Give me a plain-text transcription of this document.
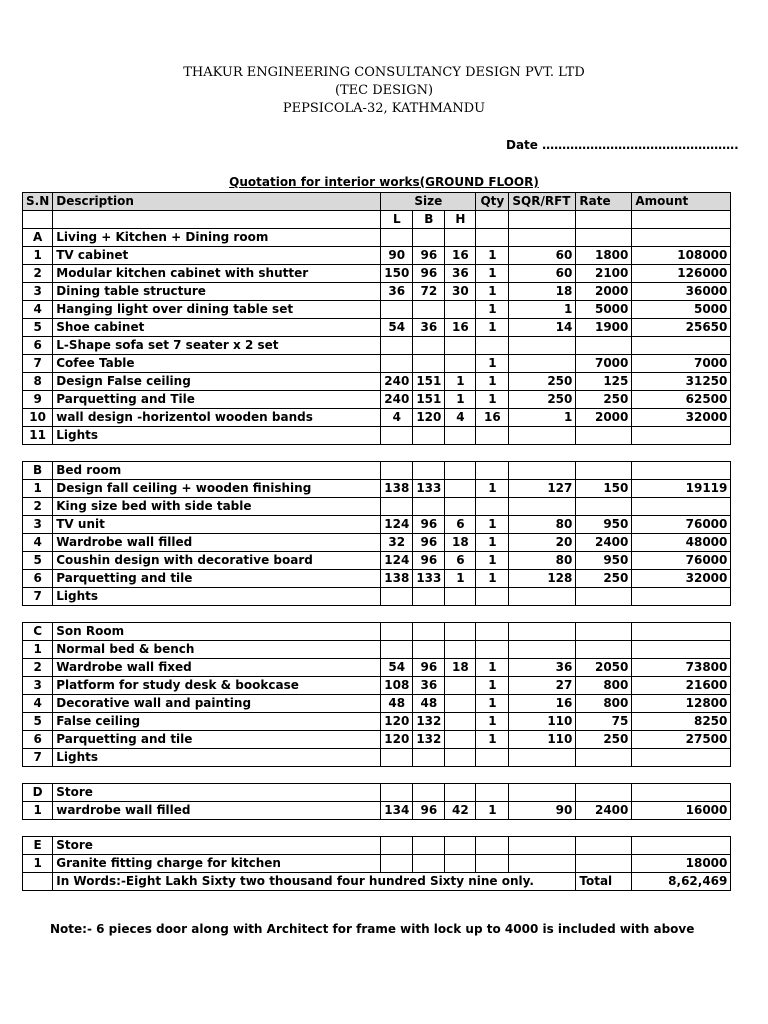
THAKUR ENGINEERING CONSULTANCY DESIGN PVT. LTD
(TEC DESIGN)
PEPSICOLA-32, KATHMANDU
Date ………………………………………….
Quotation for interior works(GROUND FLOOR)
S.N	Description	Size			Qty	SQR/RFT	Rate	Amount
		L	B	H				
A	Living + Kitchen + Dining room							
1	TV cabinet	90	96	16	1	60	1800	108000
2	Modular kitchen cabinet with shutter	150	96	36	1	60	2100	126000
3	Dining table structure	36	72	30	1	18	2000	36000
4	Hanging light over dining table set				1	1	5000	5000
5	Shoe cabinet	54	36	16	1	14	1900	25650
6	L-Shape sofa set 7 seater x 2 set							
7	Cofee Table				1		7000	7000
8	Design False ceiling	240	151	1	1	250	125	31250
9	Parquetting and Tile	240	151	1	1	250	250	62500
10	wall design -horizentol wooden bands	4	120	4	16	1	2000	32000
11	Lights							

B	Bed room							
1	Design fall ceiling + wooden finishing	138	133		1	127	150	19119
2	King size bed with side table							
3	TV unit	124	96	6	1	80	950	76000
4	Wardrobe wall filled	32	96	18	1	20	2400	48000
5	Coushin design with decorative board	124	96	6	1	80	950	76000
6	Parquetting and tile	138	133	1	1	128	250	32000
7	Lights							

C	Son Room							
1	Normal bed & bench							
2	Wardrobe wall fixed	54	96	18	1	36	2050	73800
3	Platform for study desk & bookcase	108	36		1	27	800	21600
4	Decorative wall and painting	48	48		1	16	800	12800
5	False ceiling	120	132		1	110	75	8250
6	Parquetting and tile	120	132		1	110	250	27500
7	Lights							

D	Store							
1	wardrobe wall filled	134	96	42	1	90	2400	16000

E	Store							
1	Granite fitting charge for kitchen							18000
	In Words:-Eight Lakh Sixty two thousand four hundred Sixty nine only.						Total	8,62,469
Note:- 6 pieces door along with Architect for frame with lock up to 4000 is included with above
